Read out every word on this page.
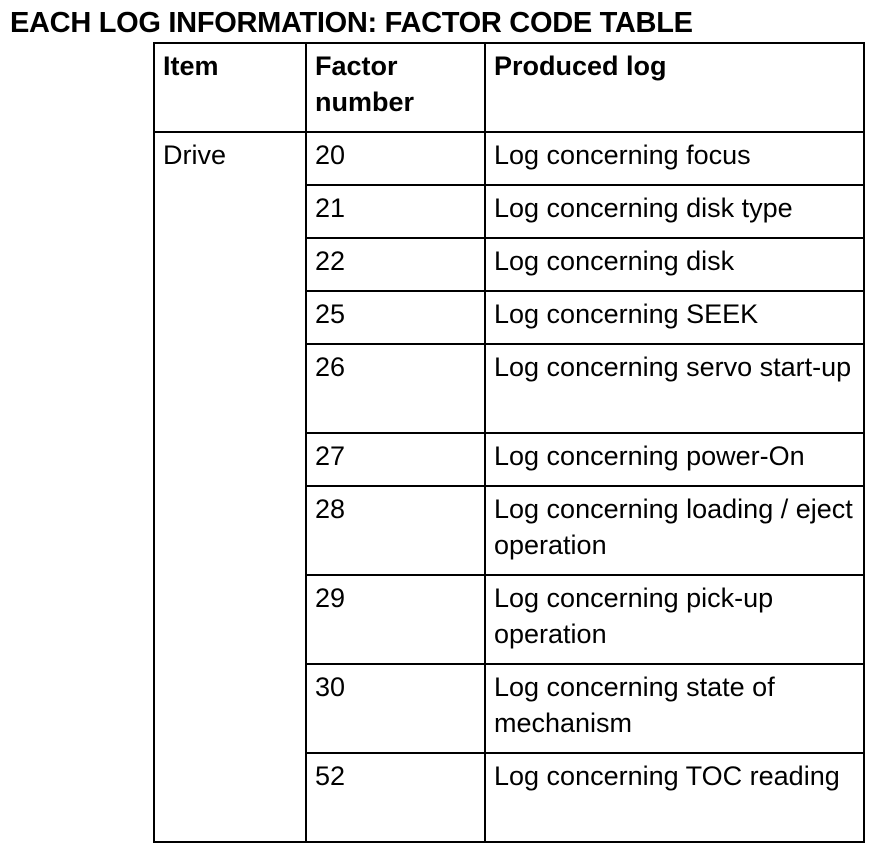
EACH LOG INFORMATION: FACTOR CODE TABLE
Item	Factor number	Produced log
Drive	20	Log concerning focus
	21	Log concerning disk type
	22	Log concerning disk
	25	Log concerning SEEK
	26	Log concerning servo start-up
	27	Log concerning power-On
	28	Log concerning loading / eject operation
	29	Log concerning pick-up operation
	30	Log concerning state of mechanism
	52	Log concerning TOC reading
